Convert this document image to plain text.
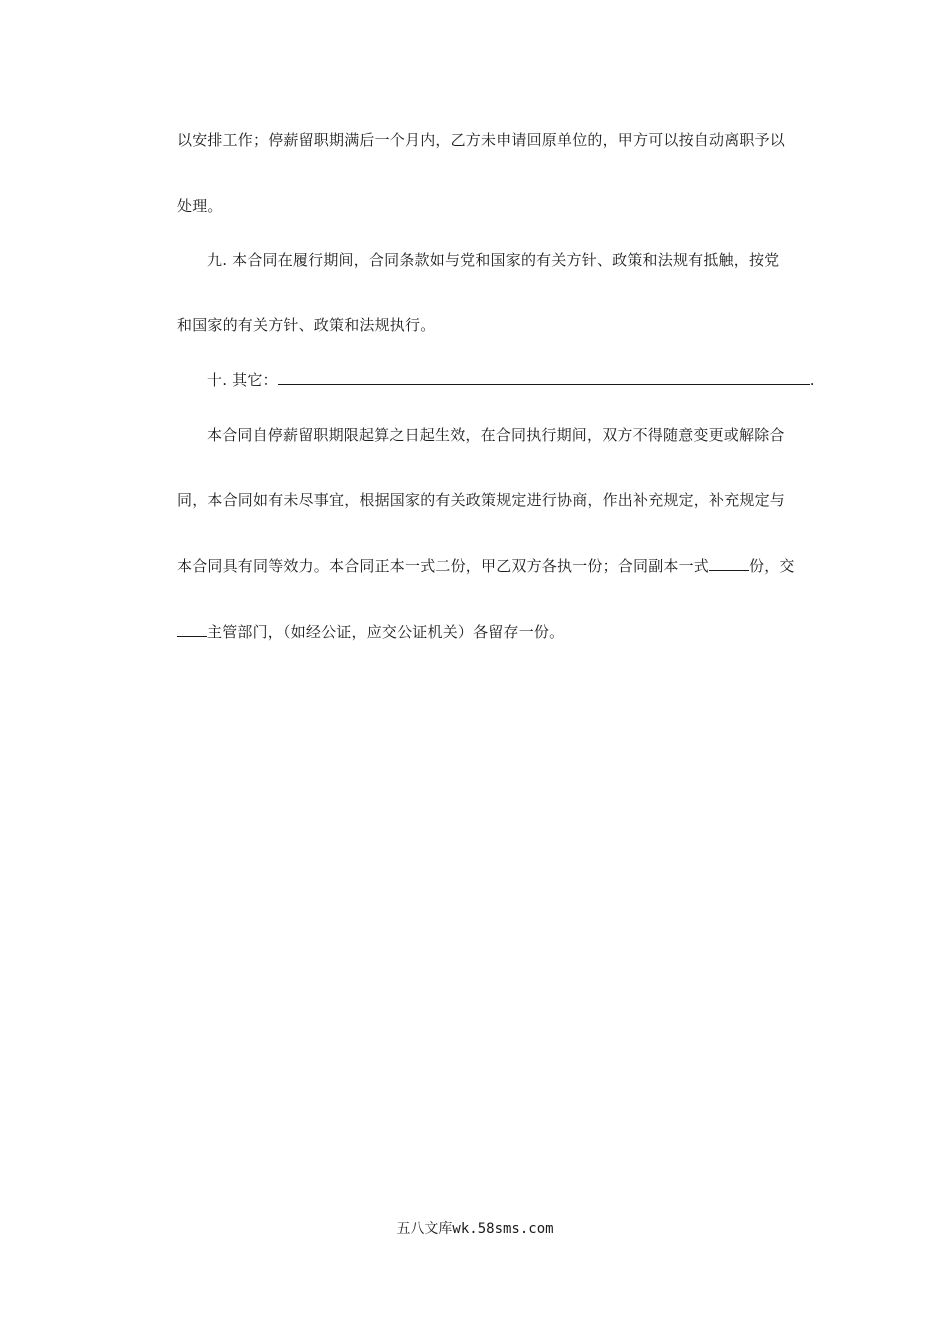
以安排工作；停薪留职期满后一个月内，乙方未申请回原单位的，甲方可以按自动离职予以
处理。
九. 本合同在履行期间，合同条款如与党和国家的有关方针、政策和法规有抵触，按党
和国家的有关方针、政策和法规执行。
十. 其它：	.
本合同自停薪留职期限起算之日起生效，在合同执行期间，双方不得随意变更或解除合
同，本合同如有未尽事宜，根据国家的有关政策规定进行协商，作出补充规定，补充规定与
本合同具有同等效力。本合同正本一式二份，甲乙双方各执一份；合同副本一式	份，交
主管部门，（如经公证，应交公证机关）各留存一份。
五八文库wk.58sms.com
